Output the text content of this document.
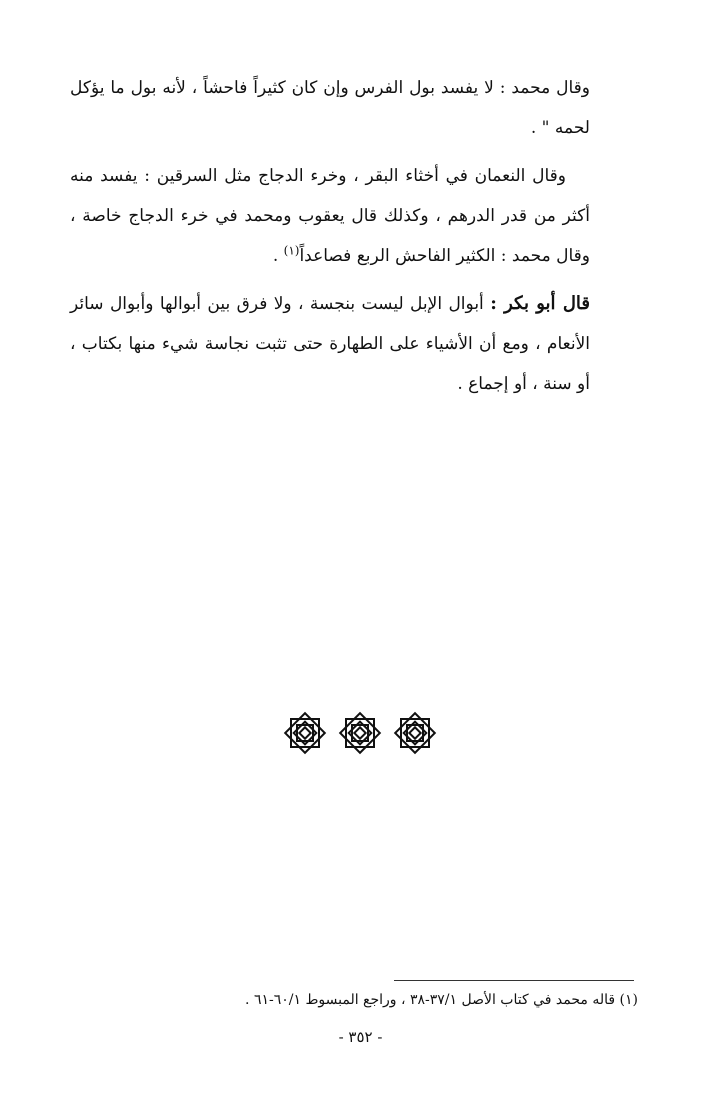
وقال محمد : لا يفسد بول الفرس وإن كان كثيراً فاحشاً ، لأنه بول ما يؤكل لحمه " .

وقال النعمان في أخثاء البقر ، وخرء الدجاج مثل السرقين : يفسد منه أكثر من قدر الدرهم ، وكذلك قال يعقوب ومحمد في خرء الدجاج خاصة ، وقال محمد : الكثير الفاحش الربع فصاعداً$^{(١)}$ .

قال أبو بكر : أبوال الإبل ليست بنجسة ، ولا فرق بين أبوالها وأبوال سائر الأنعام ، ومع أن الأشياء على الطهارة حتى تثبت نجاسة شيء منها بكتاب ، أو سنة ، أو إجماع .

(١) قاله محمد في كتاب الأصل ٣٧/١-٣٨ ، وراجع المبسوط ٦٠/١-٦١ .
- ٣٥٢ -
